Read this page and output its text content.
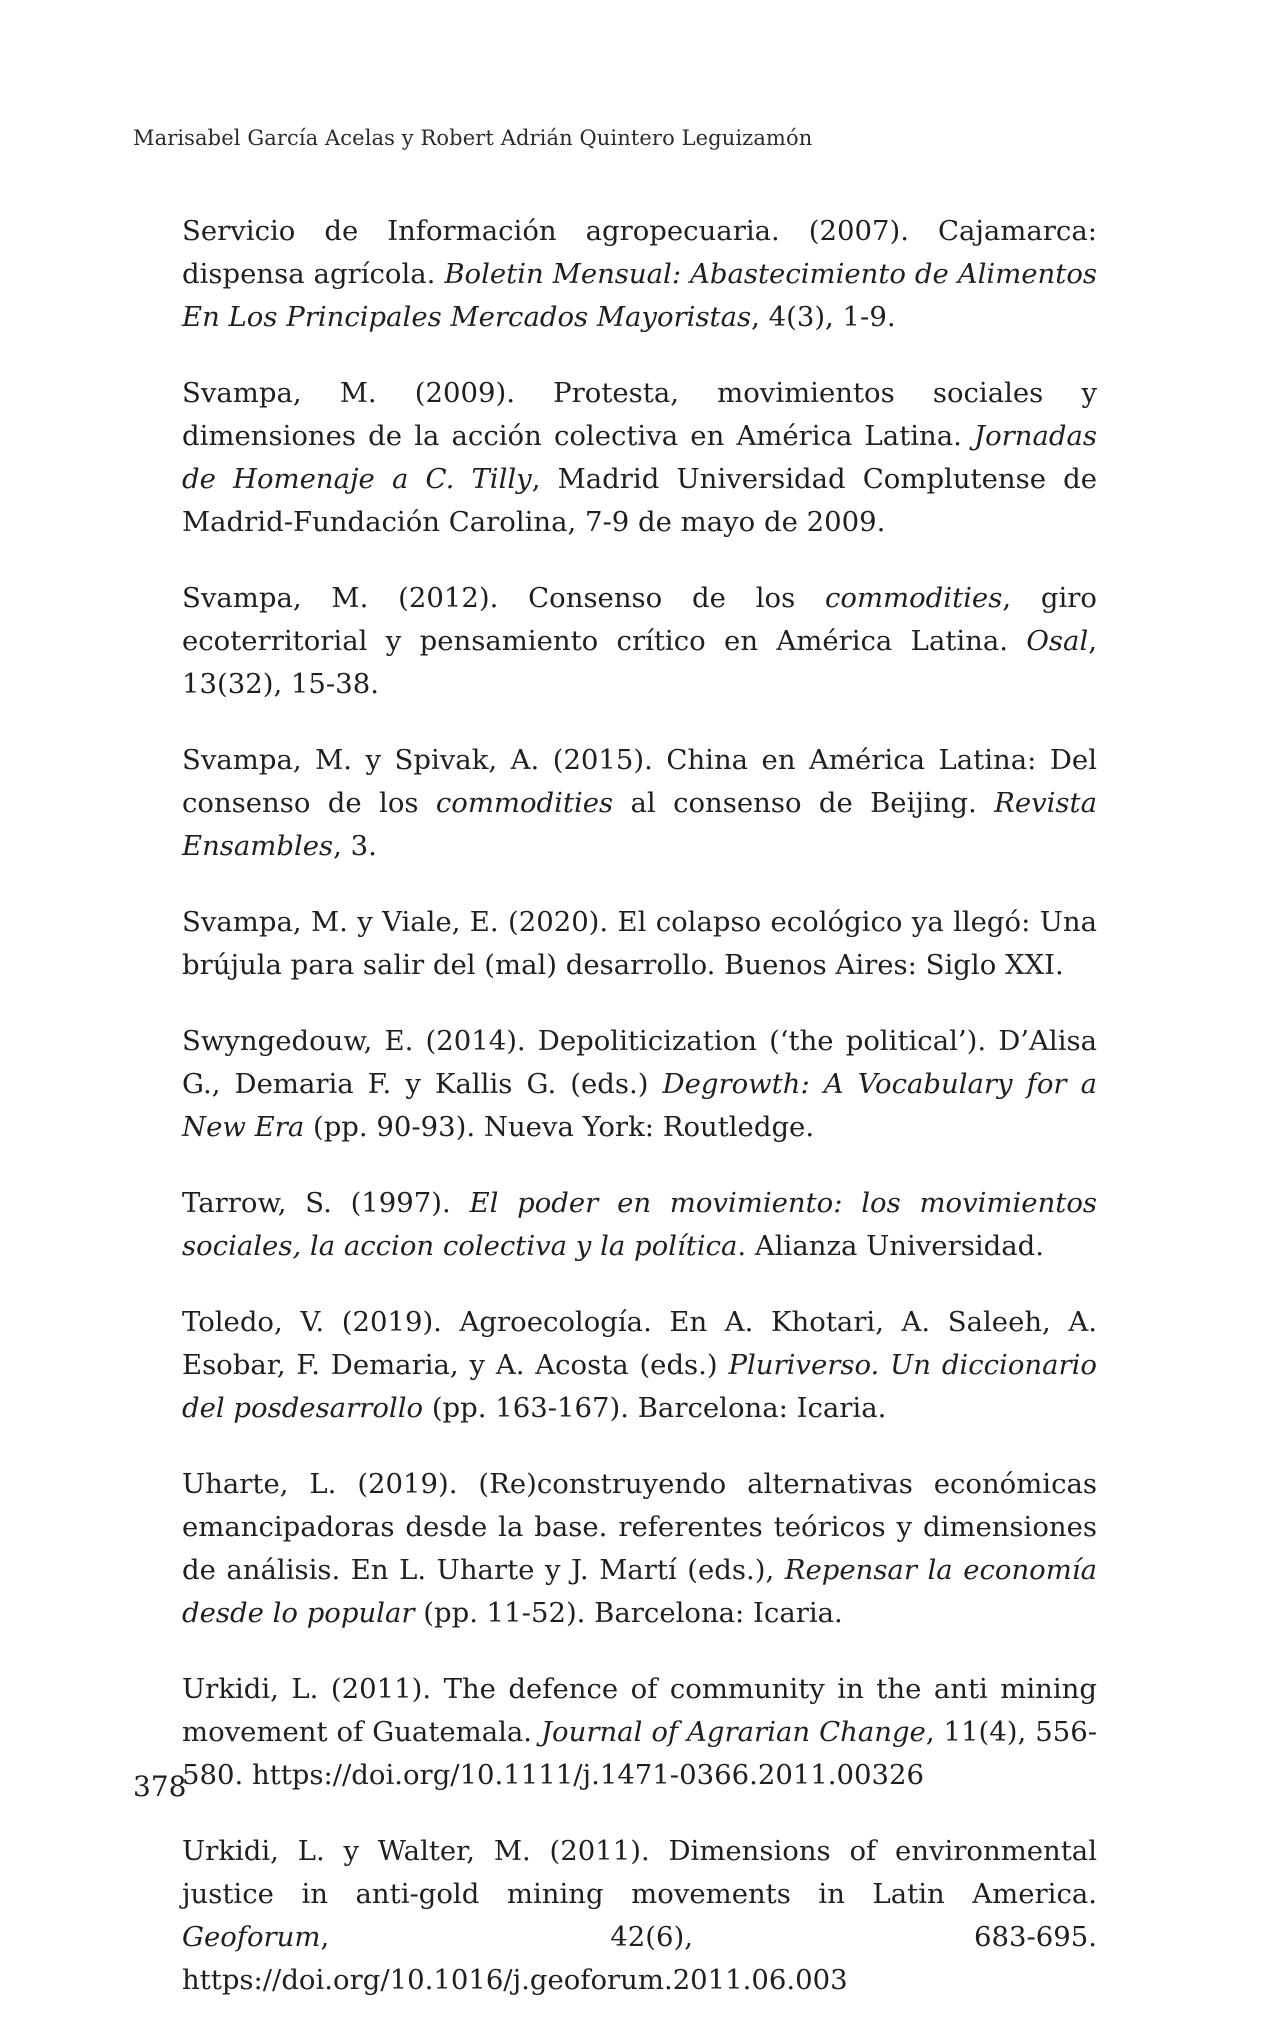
Marisabel García Acelas y Robert Adrián Quintero Leguizamón
Servicio de Información agropecuaria. (2007). Cajamarca: dispensa agrícola. Boletin Mensual: Abastecimiento de Alimentos En Los Principales Mercados Mayoristas, 4(3), 1-9.
Svampa, M. (2009). Protesta, movimientos sociales y dimensiones de la acción colectiva en América Latina. Jornadas de Homenaje a C. Tilly, Madrid Universidad Complutense de Madrid-Fundación Carolina, 7-9 de mayo de 2009.
Svampa, M. (2012). Consenso de los commodities, giro ecoterritorial y pensamiento crítico en América Latina. Osal, 13(32), 15-38.
Svampa, M. y Spivak, A. (2015). China en América Latina: Del consenso de los commodities al consenso de Beijing. Revista Ensambles, 3.
Svampa, M. y Viale, E. (2020). El colapso ecológico ya llegó: Una brújula para salir del (mal) desarrollo. Buenos Aires: Siglo XXI.
Swyngedouw, E. (2014). Depoliticization (‘the political’). D’Alisa G., Demaria F. y Kallis G. (eds.) Degrowth: A Vocabulary for a New Era (pp. 90-93). Nueva York: Routledge.
Tarrow, S. (1997). El poder en movimiento: los movimientos sociales, la accion colectiva y la política. Alianza Universidad.
Toledo, V. (2019). Agroecología. En A. Khotari, A. Saleeh, A. Esobar, F. Demaria, y A. Acosta (eds.) Pluriverso. Un diccionario del posdesarrollo (pp. 163-167). Barcelona: Icaria.
Uharte, L. (2019). (Re)construyendo alternativas económicas emancipadoras desde la base. referentes teóricos y dimensiones de análisis. En L. Uharte y J. Martí (eds.), Repensar la economía desde lo popular (pp. 11-52). Barcelona: Icaria.
Urkidi, L. (2011). The defence of community in the anti mining movement of Guatemala. Journal of Agrarian Change, 11(4), 556-580. https://doi.org/10.1111/j.1471-0366.2011.00326
Urkidi, L. y Walter, M. (2011). Dimensions of environmental justice in anti-gold mining movements in Latin America. Geoforum, 42(6), 683-695. https://doi.org/10.1016/j.geoforum.2011.06.003
378
